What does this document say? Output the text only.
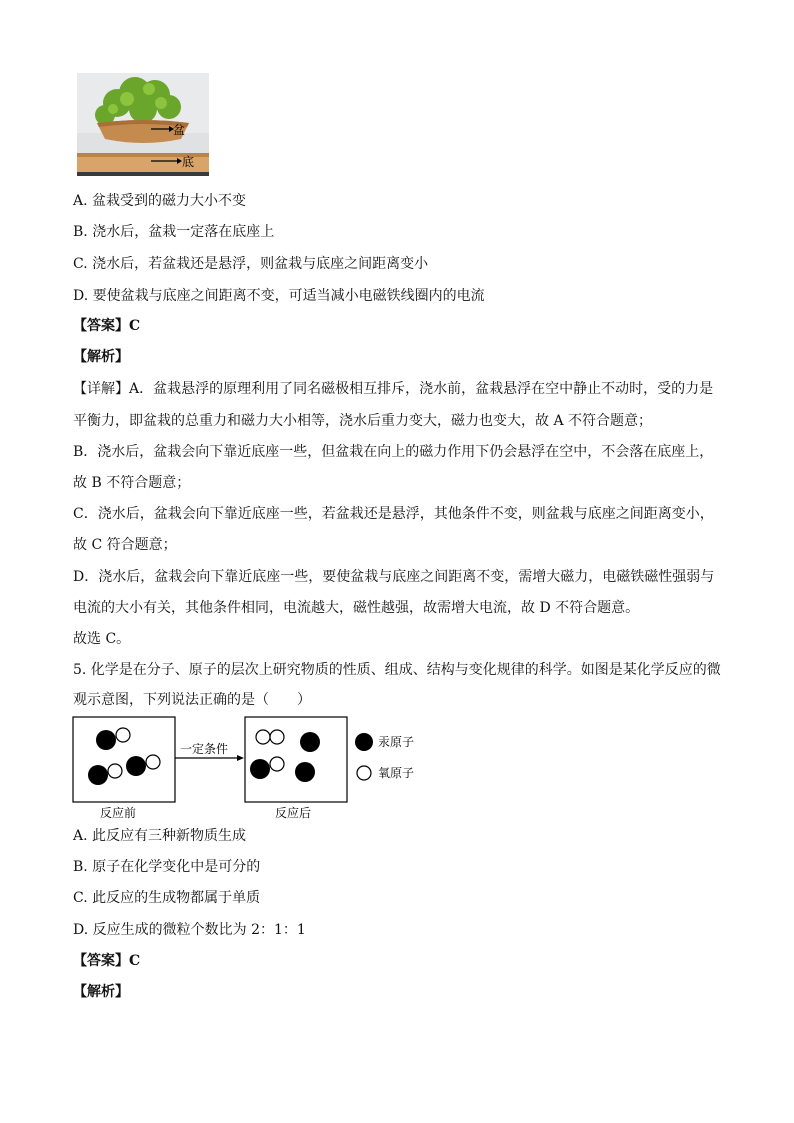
盆
底
A. 盆栽受到的磁力大小不变
B. 浇水后，盆栽一定落在底座上
C. 浇水后，若盆栽还是悬浮，则盆栽与底座之间距离变小
D. 要使盆栽与底座之间距离不变，可适当减小电磁铁线圈内的电流
【答案】C
【解析】
【详解】A．盆栽悬浮的原理利用了同名磁极相互排斥，浇水前，盆栽悬浮在空中静止不动时，受的力是
平衡力，即盆栽的总重力和磁力大小相等，浇水后重力变大，磁力也变大，故 A 不符合题意；
B．浇水后，盆栽会向下靠近底座一些，但盆栽在向上的磁力作用下仍会悬浮在空中，不会落在底座上，
故 B 不符合题意；
C．浇水后，盆栽会向下靠近底座一些，若盆栽还是悬浮，其他条件不变，则盆栽与底座之间距离变小，
故 C 符合题意；
D．浇水后，盆栽会向下靠近底座一些，要使盆栽与底座之间距离不变，需增大磁力，电磁铁磁性强弱与
电流的大小有关，其他条件相同，电流越大，磁性越强，故需增大电流，故 D 不符合题意。
故选 C。
5. 化学是在分子、原子的层次上研究物质的性质、组成、结构与变化规律的科学。如图是某化学反应的微
观示意图，下列说法正确的是（　　）
一定条件	汞原子
氧原子
反应前	反应后
A. 此反应有三种新物质生成
B. 原子在化学变化中是可分的
C. 此反应的生成物都属于单质
D. 反应生成的微粒个数比为 2：1：1
【答案】C
【解析】
